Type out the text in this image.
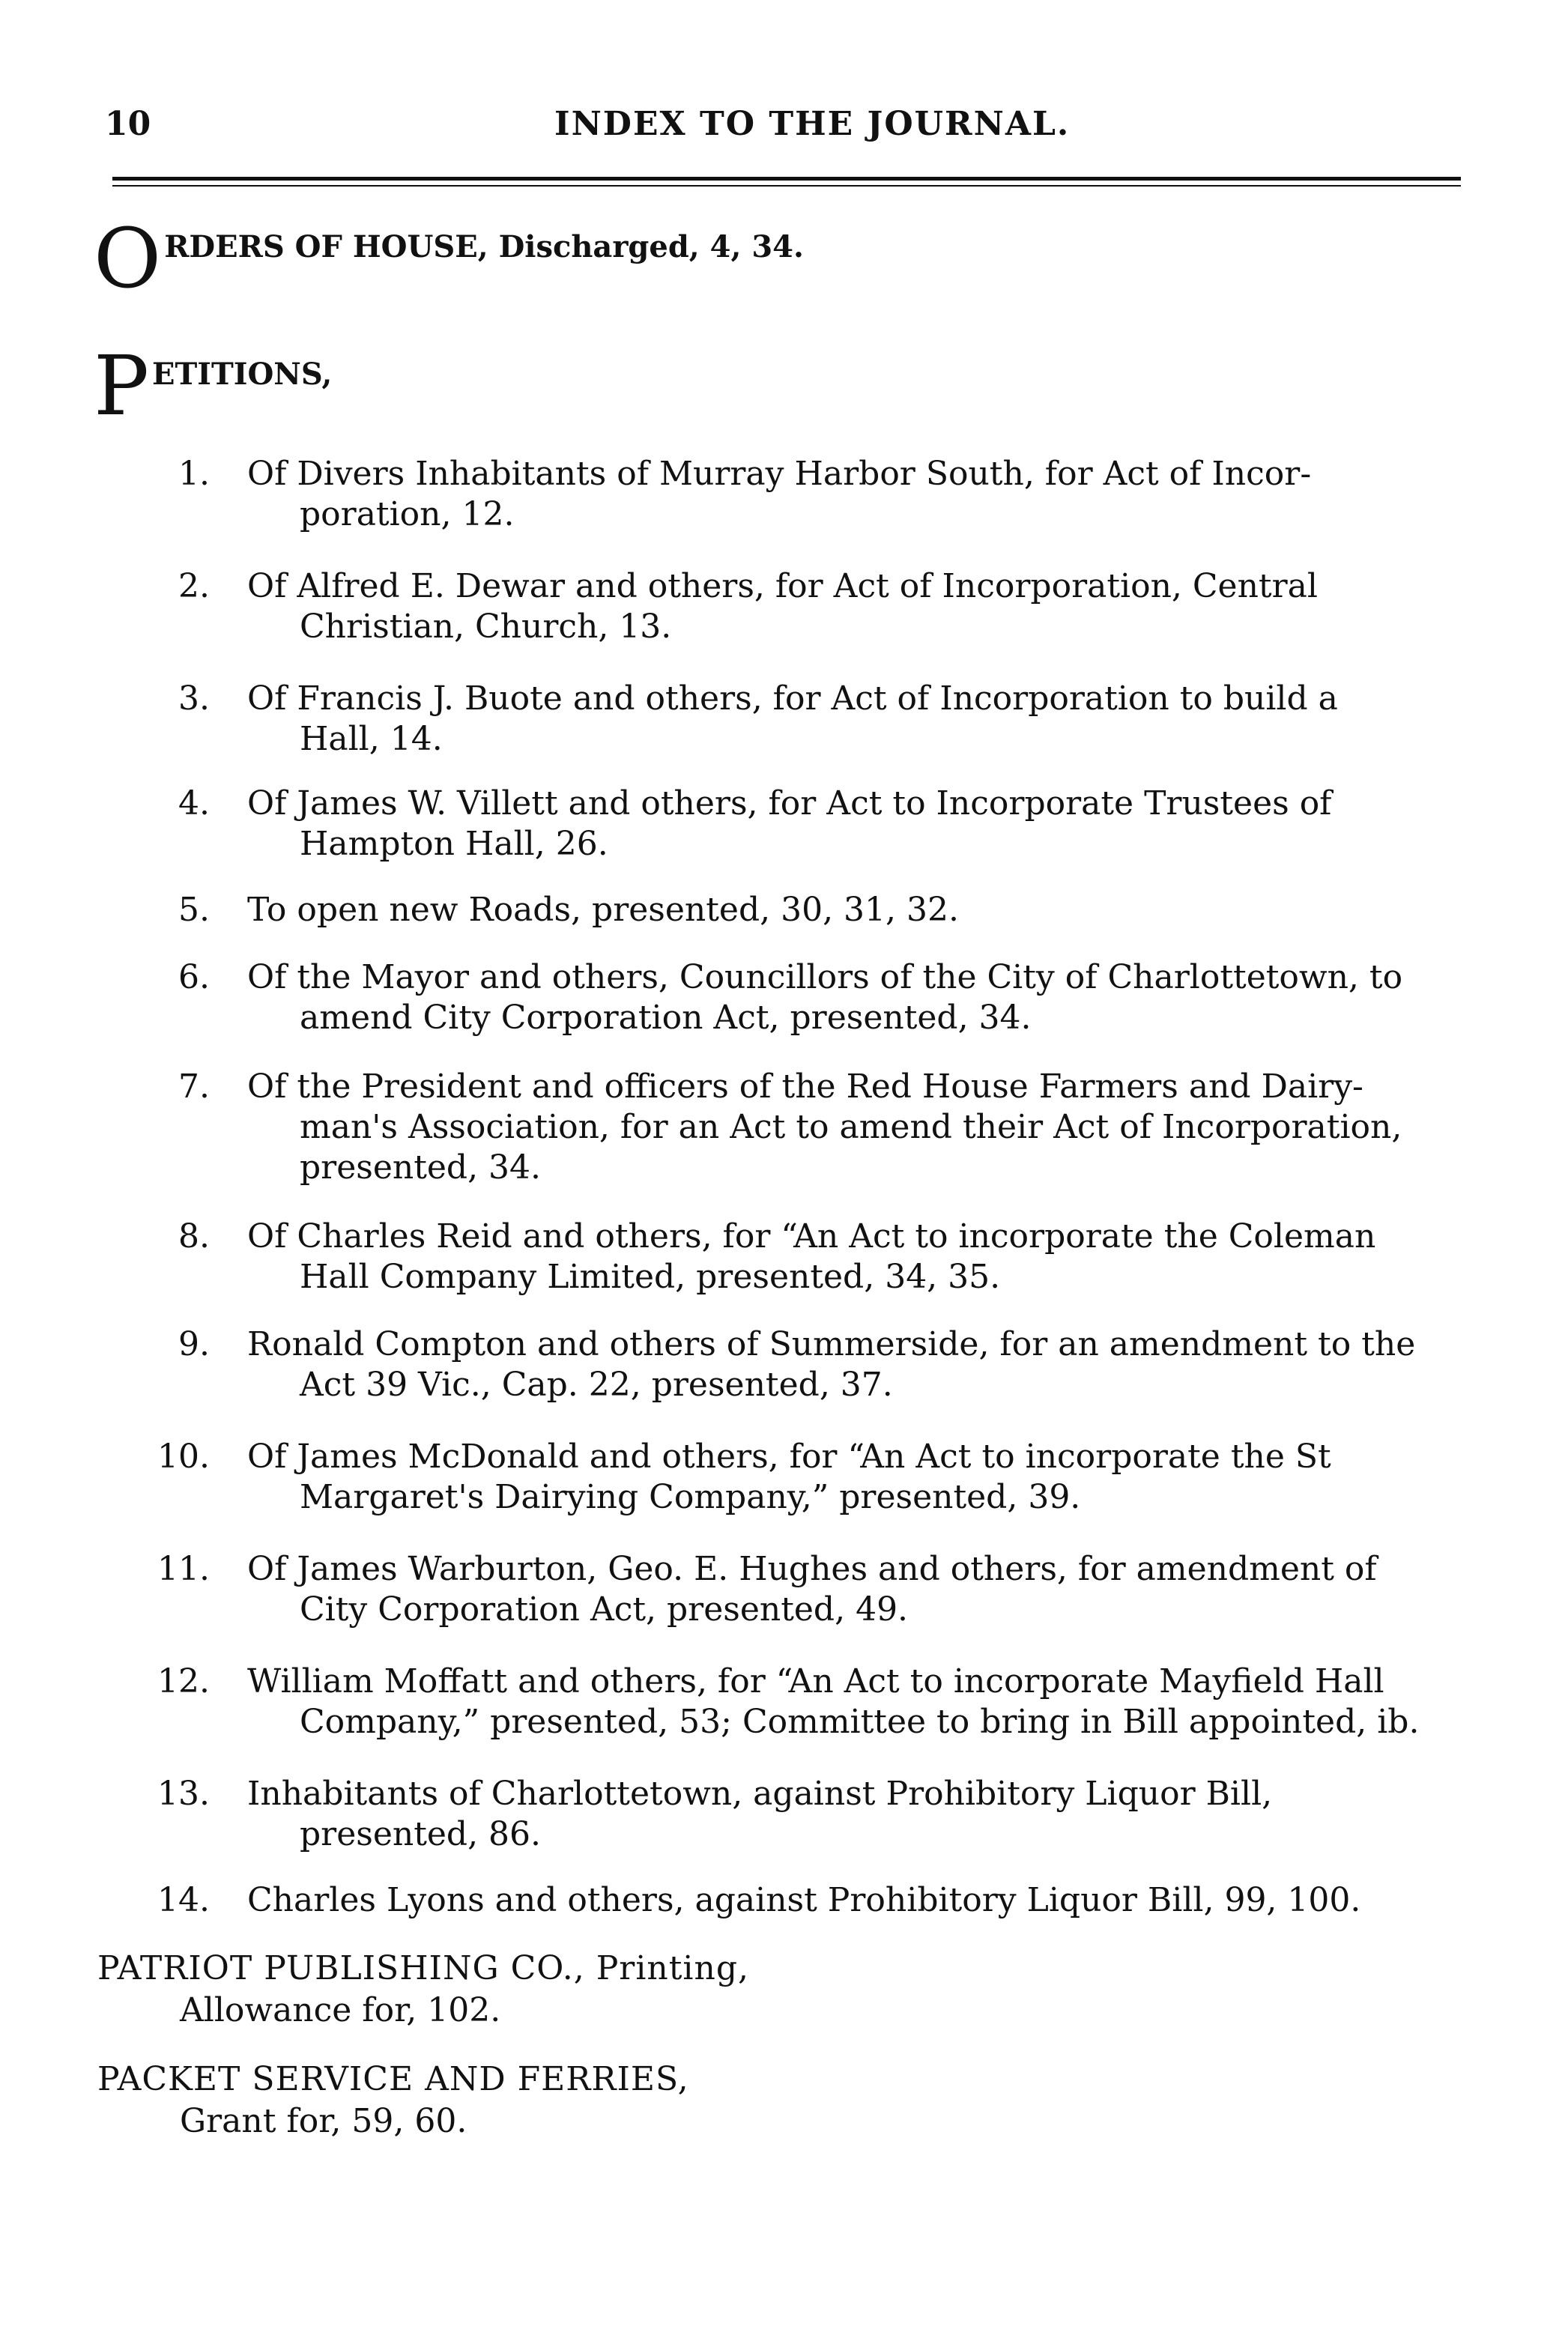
10	INDEX TO THE JOURNAL.
O RDERS OF HOUSE, Discharged, 4, 34.
P ETITIONS,
1. Of Divers Inhabitants of Murray Harbor South, for Act of Incor-
poration, 12.
2. Of Alfred E. Dewar and others, for Act of Incorporation, Central
Christian, Church, 13.
3. Of Francis J. Buote and others, for Act of Incorporation to build a
Hall, 14.
4. Of James W. Villett and others, for Act to Incorporate Trustees of
Hampton Hall, 26.
5. To open new Roads, presented, 30, 31, 32.
6. Of the Mayor and others, Councillors of the City of Charlottetown, to
amend City Corporation Act, presented, 34.
7. Of the President and officers of the Red House Farmers and Dairy-
man's Association, for an Act to amend their Act of Incorporation,
presented, 34.
8. Of Charles Reid and others, for “An Act to incorporate the Coleman
Hall Company Limited, presented, 34, 35.
9. Ronald Compton and others of Summerside, for an amendment to the
Act 39 Vic., Cap. 22, presented, 37.
10. Of James McDonald and others, for “An Act to incorporate the St
Margaret's Dairying Company,” presented, 39.
11. Of James Warburton, Geo. E. Hughes and others, for amendment of
City Corporation Act, presented, 49.
12. William Moffatt and others, for “An Act to incorporate Mayfield Hall
Company,” presented, 53; Committee to bring in Bill appointed, ib.
13. Inhabitants of Charlottetown, against Prohibitory Liquor Bill,
presented, 86.
14. Charles Lyons and others, against Prohibitory Liquor Bill, 99, 100.
PATRIOT PUBLISHING CO., Printing,
Allowance for, 102.
PACKET SERVICE AND FERRIES,
Grant for, 59, 60.
